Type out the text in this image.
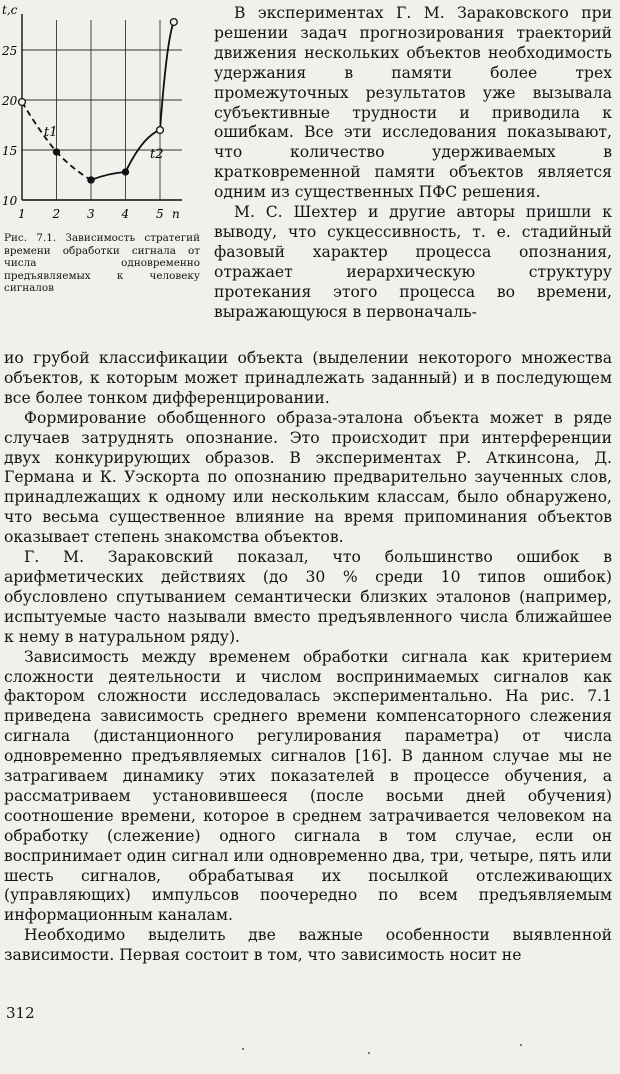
10
15
20
25
1 2 3 4 5 n
t,c
t1
t2
Рис. 7.1. Зависимость стратегий времени обработки сигнала от числа одновременно предъявляемых к человеку сигналов

В экспериментах Г. М. Зараковского при решении задач прогнозирования траекторий движения нескольких объектов необходимость удержания в памяти более трех промежуточных результатов уже вызывала субъективные трудности и приводила к ошибкам. Все эти исследования показывают, что количество удерживаемых в кратковременной памяти объектов является одним из существенных ПФС решения.

М. С. Шехтер и другие авторы пришли к выводу, что сукцессивность, т. е. стадийный фазовый характер процесса опознания, отражает иерархическую структуру протекания этого процесса во времени, выражающуюся в первоначаль-

ио грубой классификации объекта (выделении некоторого множества объектов, к которым может принадлежать заданный) и в последующем все более тонком дифференцировании.

Формирование обобщенного образа-эталона объекта может в ряде случаев затруднять опознание. Это происходит при интерференции двух конкурирующих образов. В экспериментах Р. Аткинсона, Д. Германа и К. Уэскорта по опознанию предварительно заученных слов, принадлежащих к одному или нескольким классам, было обнаружено, что весьма существенное влияние на время припоминания объектов оказывает степень знакомства объектов.

Г. М. Зараковский показал, что большинство ошибок в арифметических действиях (до 30 % среди 10 типов ошибок) обусловлено спутыванием семантически близких эталонов (например, испытуемые часто называли вместо предъявленного числа ближайшее к нему в натуральном ряду).

Зависимость между временем обработки сигнала как критерием сложности деятельности и числом воспринимаемых сигналов как фактором сложности исследовалась экспериментально. На рис. 7.1 приведена зависимость среднего времени компенсаторного слежения сигнала (дистанционного регулирования параметра) от числа одновременно предъявляемых сигналов [16]. В данном случае мы не затрагиваем динамику этих показателей в процессе обучения, а рассматриваем установившееся (после восьми дней обучения) соотношение времени, которое в среднем затрачивается человеком на обработку (слежение) одного сигнала в том случае, если он воспринимает один сигнал или одновременно два, три, четыре, пять или шесть сигналов, обрабатывая их посылкой отслеживающих (управляющих) импульсов поочередно по всем предъявляемым информационным каналам.

Необходимо выделить две важные особенности выявленной зависимости. Первая состоит в том, что зависимость носит не

312
